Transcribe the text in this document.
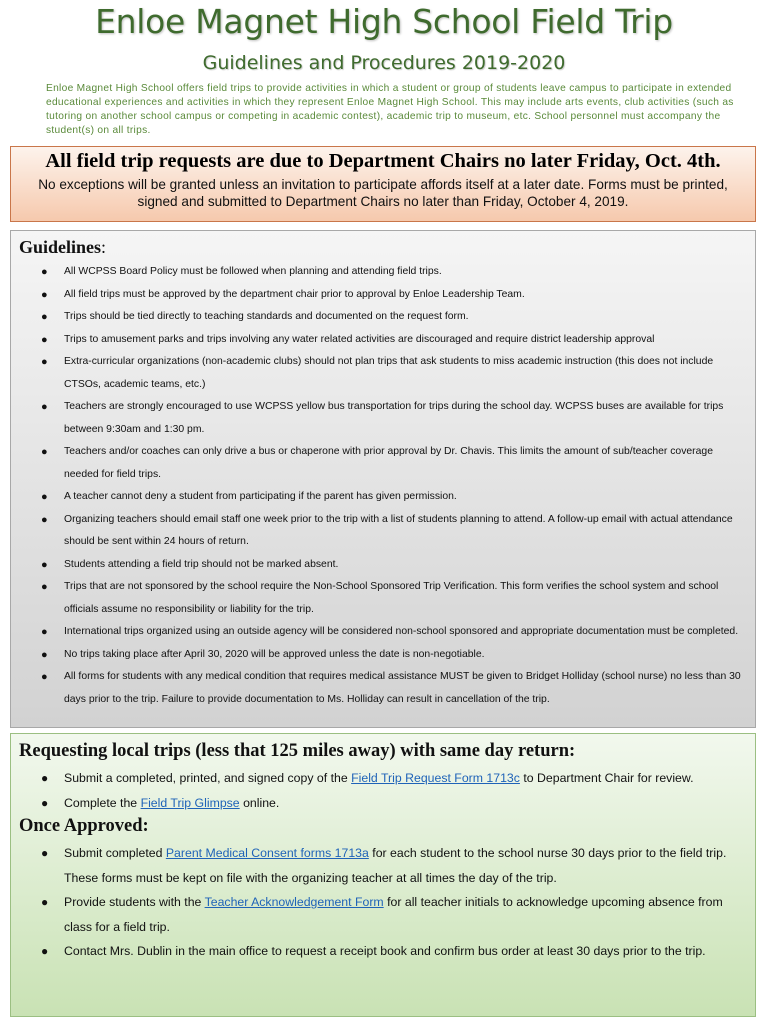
Enloe Magnet High School Field Trip
Guidelines and Procedures 2019-2020
Enloe Magnet High School offers field trips to provide activities in which a student or group of students leave campus to participate in extended educational experiences and activities in which they represent Enloe Magnet High School. This may include arts events, club activities (such as tutoring on another school campus or competing in academic contest), academic trip to museum, etc. School personnel must accompany the student(s) on all trips.
All field trip requests are due to Department Chairs no later Friday, Oct. 4th.
No exceptions will be granted unless an invitation to participate affords itself at a later date. Forms must be printed, signed and submitted to Department Chairs no later than Friday, October 4, 2019.
Guidelines:
● All WCPSS Board Policy must be followed when planning and attending field trips.
● All field trips must be approved by the department chair prior to approval by Enloe Leadership Team.
● Trips should be tied directly to teaching standards and documented on the request form.
● Trips to amusement parks and trips involving any water related activities are discouraged and require district leadership approval
● Extra-curricular organizations (non-academic clubs) should not plan trips that ask students to miss academic instruction (this does not include CTSOs, academic teams, etc.)
● Teachers are strongly encouraged to use WCPSS yellow bus transportation for trips during the school day. WCPSS buses are available for trips between 9:30am and 1:30 pm.
● Teachers and/or coaches can only drive a bus or chaperone with prior approval by Dr. Chavis. This limits the amount of sub/teacher coverage needed for field trips.
● A teacher cannot deny a student from participating if the parent has given permission.
● Organizing teachers should email staff one week prior to the trip with a list of students planning to attend. A follow-up email with actual attendance should be sent within 24 hours of return.
● Students attending a field trip should not be marked absent.
● Trips that are not sponsored by the school require the Non-School Sponsored Trip Verification. This form verifies the school system and school officials assume no responsibility or liability for the trip.
● International trips organized using an outside agency will be considered non-school sponsored and appropriate documentation must be completed.
● No trips taking place after April 30, 2020 will be approved unless the date is non-negotiable.
● All forms for students with any medical condition that requires medical assistance MUST be given to Bridget Holliday (school nurse) no less than 30 days prior to the trip. Failure to provide documentation to Ms. Holliday can result in cancellation of the trip.
Requesting local trips (less that 125 miles away) with same day return:
● Submit a completed, printed, and signed copy of the Field Trip Request Form 1713c to Department Chair for review.
● Complete the Field Trip Glimpse online.
Once Approved:
● Submit completed Parent Medical Consent forms 1713a for each student to the school nurse 30 days prior to the field trip. These forms must be kept on file with the organizing teacher at all times the day of the trip.
● Provide students with the Teacher Acknowledgement Form for all teacher initials to acknowledge upcoming absence from class for a field trip.
● Contact Mrs. Dublin in the main office to request a receipt book and confirm bus order at least 30 days prior to the trip.
